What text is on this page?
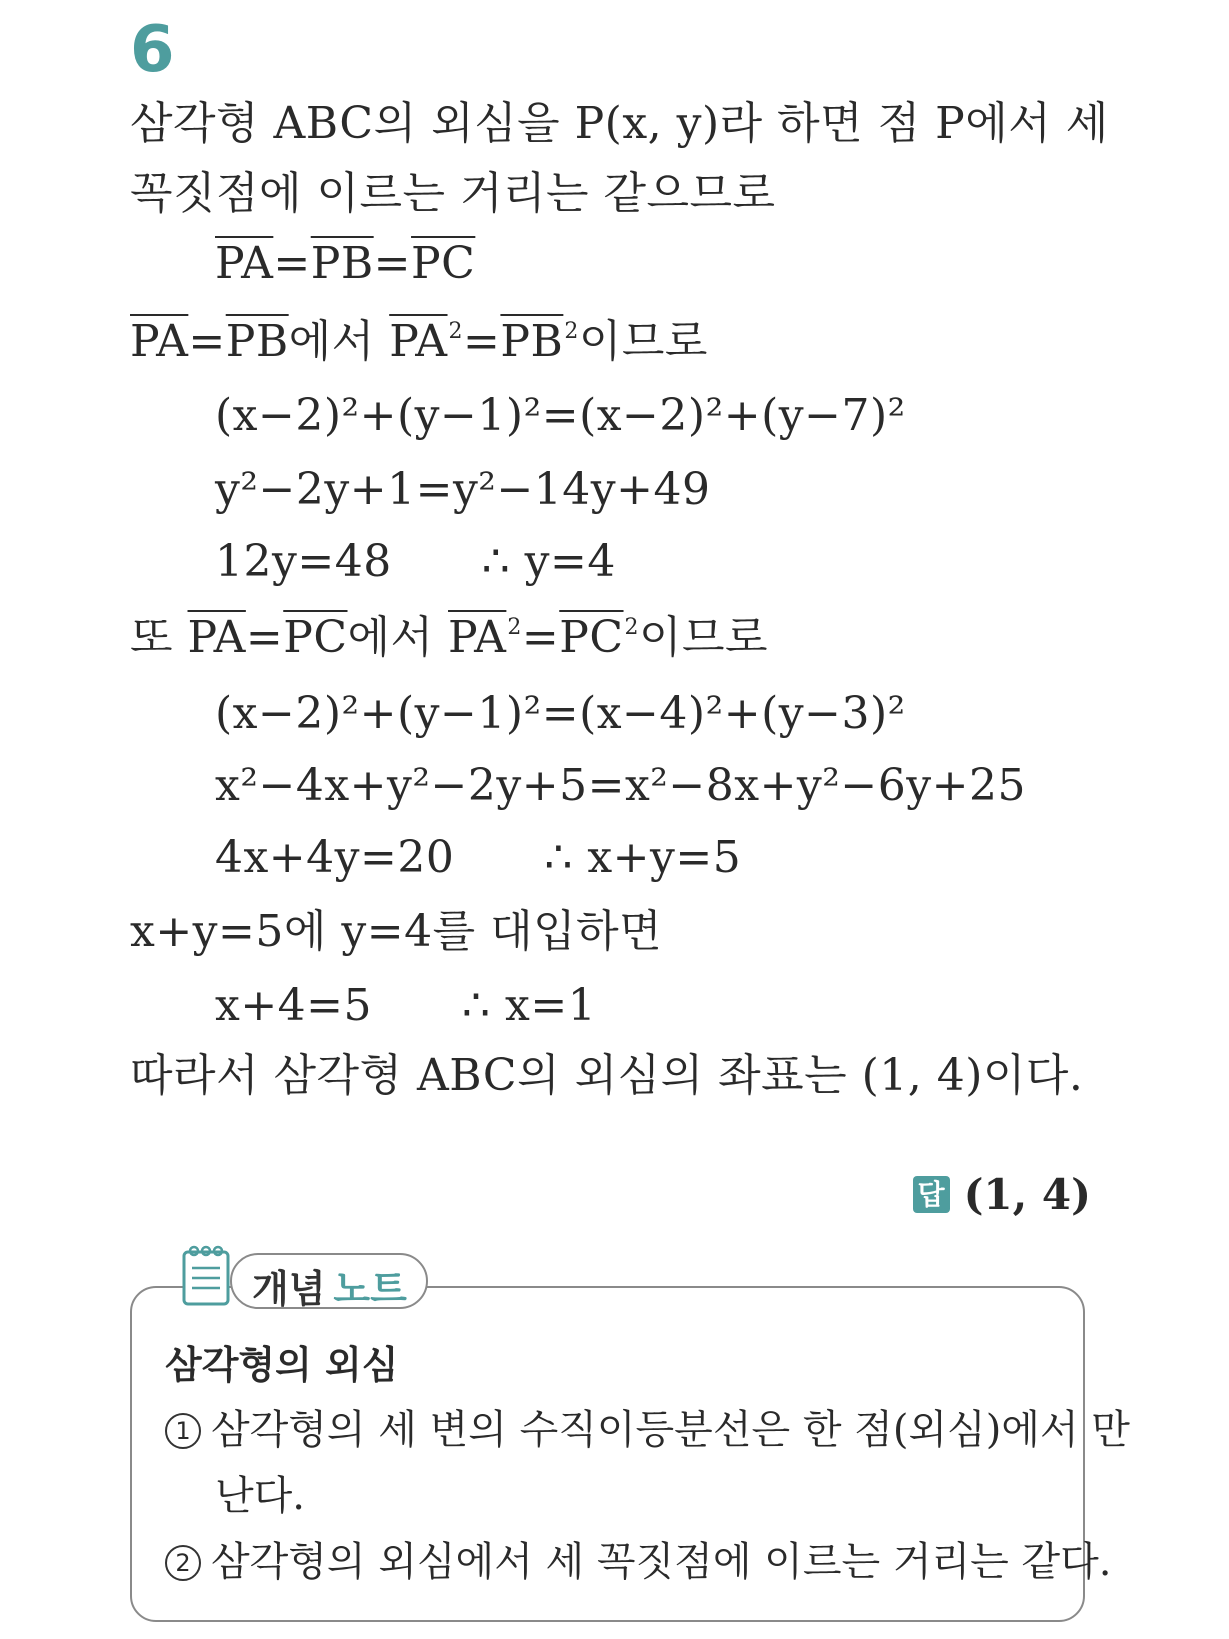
6
삼각형 ABC의 외심을 P(x, y)라 하면 점 P에서 세
꼭짓점에 이르는 거리는 같으므로
$\overline{PA}=\overline{PB}=\overline{PC}$
$\overline{PA}=\overline{PB}$에서 $\overline{PA}^2=\overline{PB}^2$이므로
(x−2)²+(y−1)²=(x−2)²+(y−7)²
y²−2y+1=y²−14y+49
12y=48 ∴ y=4
또 $\overline{PA}=\overline{PC}$에서 $\overline{PA}^2=\overline{PC}^2$이므로
(x−2)²+(y−1)²=(x−4)²+(y−3)²
x²−4x+y²−2y+5=x²−8x+y²−6y+25
4x+4y=20 ∴ x+y=5
x+y=5에 y=4를 대입하면
x+4=5 ∴ x=1
따라서 삼각형 ABC의 외심의 좌표는 (1, 4)이다.
답 (1, 4)
개념 노트
삼각형의 외심
1 삼각형의 세 변의 수직이등분선은 한 점(외심)에서 만
난다.
2 삼각형의 외심에서 세 꼭짓점에 이르는 거리는 같다.
